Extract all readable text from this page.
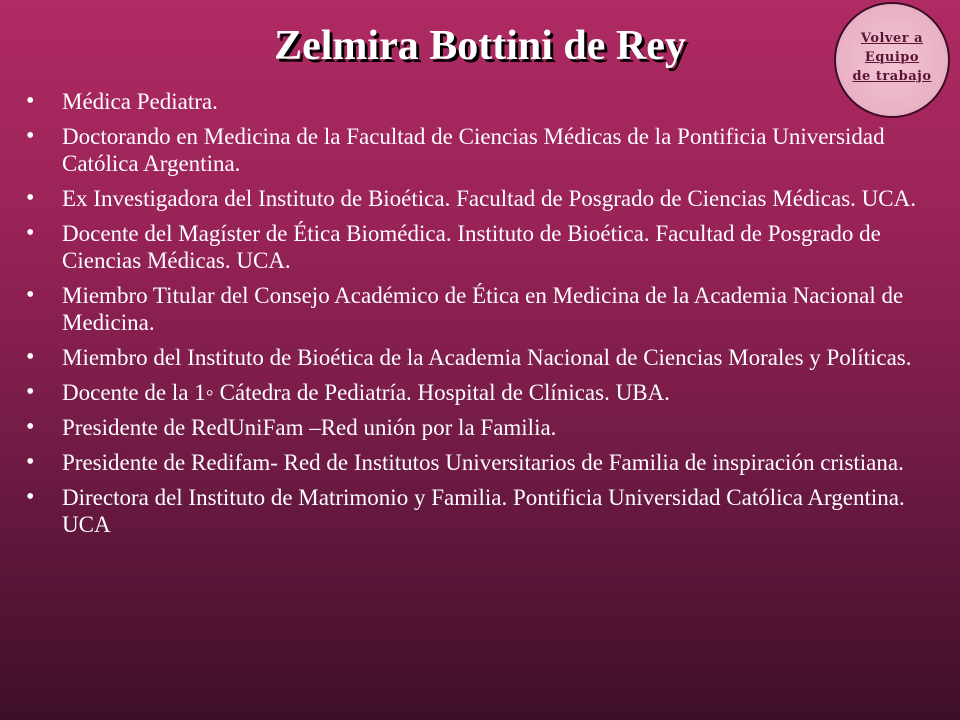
Zelmira Bottini de Rey	Volver a
Equipo
de trabajo
• Médica Pediatra.
• Doctorando en Medicina de la Facultad de Ciencias Médicas de la Pontificia Universidad Católica Argentina.
• Ex Investigadora del Instituto de Bioética. Facultad de Posgrado de Ciencias Médicas. UCA.
• Docente del Magíster de Ética Biomédica. Instituto de Bioética. Facultad de Posgrado de Ciencias Médicas. UCA.
• Miembro Titular del Consejo Académico de Ética en Medicina de la Academia Nacional de Medicina.
• Miembro del Instituto de Bioética de la Academia Nacional de Ciencias Morales y Políticas.
• Docente de la 1◦ Cátedra de Pediatría. Hospital de Clínicas. UBA.
• Presidente de RedUniFam –Red unión por la Familia.
• Presidente de Redifam- Red de Institutos Universitarios de Familia de inspiración cristiana.
• Directora del Instituto de Matrimonio y Familia. Pontificia Universidad Católica Argentina. UCA
